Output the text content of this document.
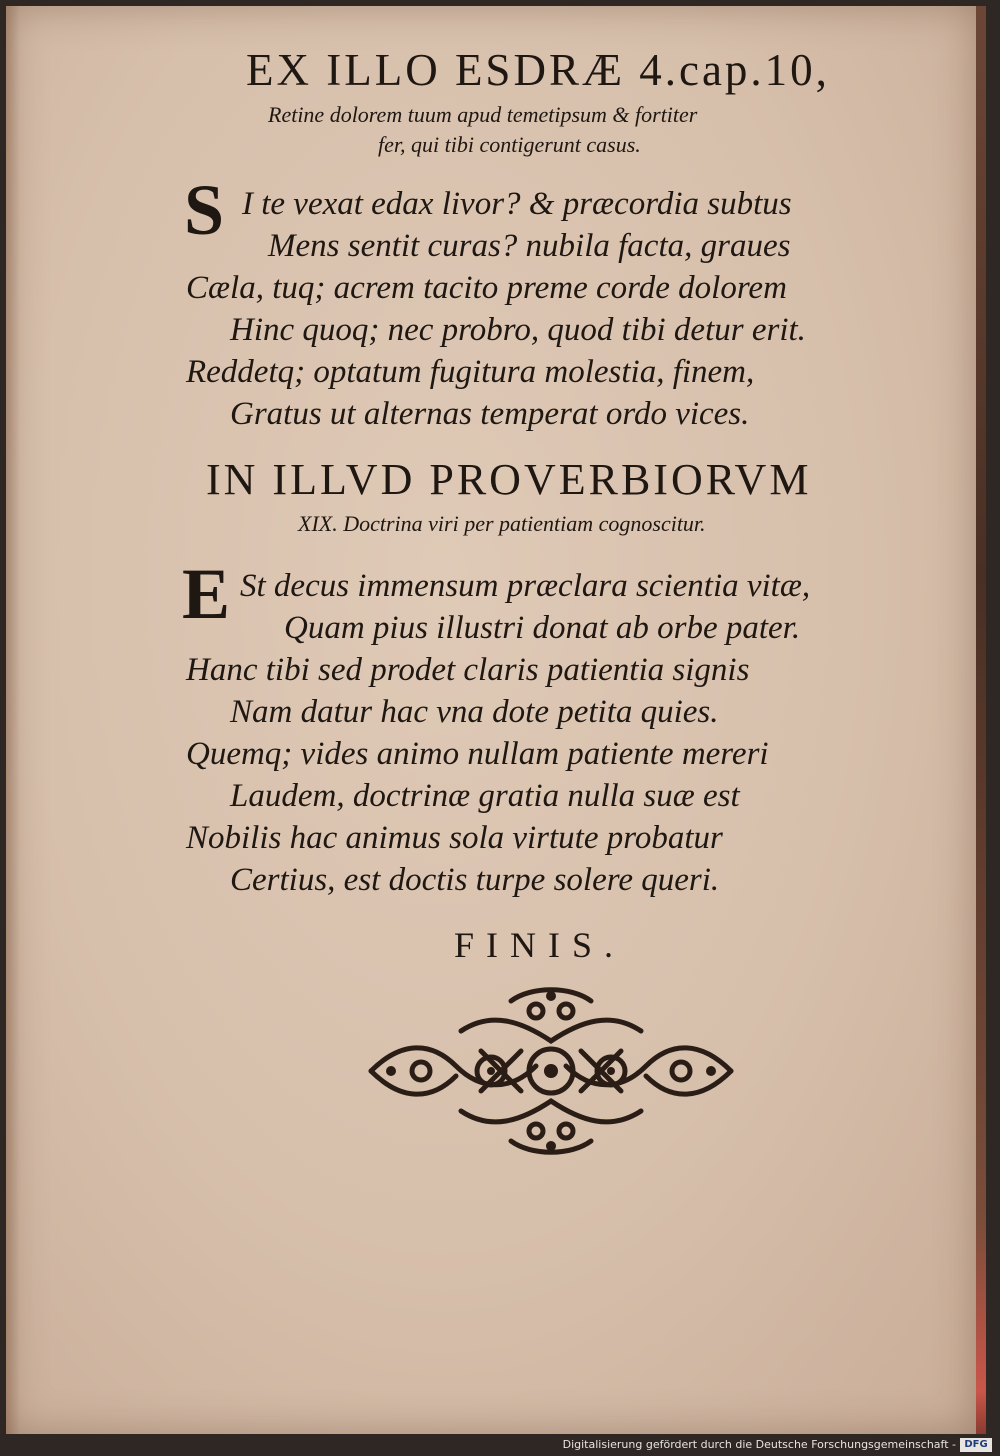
EX ILLO ESDRÆ 4.cap.10,
Retine dolorem tuum apud temetipsum & fortiter
fer, qui tibi contigerunt casus.
S I te vexat edax livor? & præcordia subtus
Mens sentit curas? nubila facta, graues
Cæla, tuq; acrem tacito preme corde dolorem
Hinc quoq; nec probro, quod tibi detur erit.
Reddetq; optatum fugitura molestia, finem,
Gratus ut alternas temperat ordo vices.
IN ILLVD PROVERBIORVM
XIX. Doctrina viri per patientiam cognoscitur.
E St decus immensum præclara scientia vitæ,
Quam pius illustri donat ab orbe pater.
Hanc tibi sed prodet claris patientia signis
Nam datur hac vna dote petita quies.
Quemq; vides animo nullam patiente mereri
Laudem, doctrinæ gratia nulla suæ est
Nobilis hac animus sola virtute probatur
Certius, est doctis turpe solere queri.
FINIS.
Digitalisierung gefördert durch die Deutsche Forschungsgemeinschaft - DFG
